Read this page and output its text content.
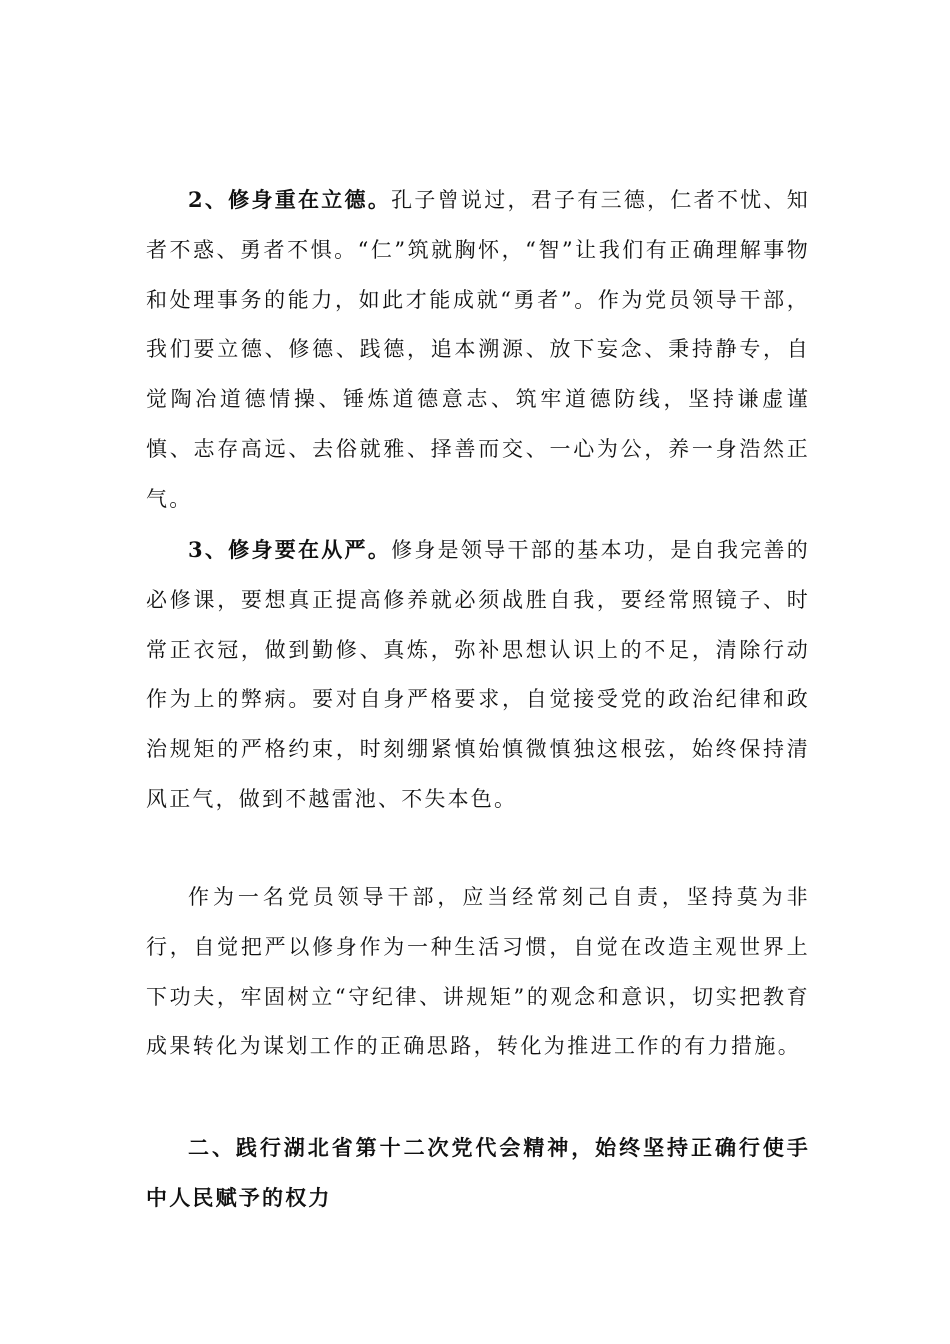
2、修身重在立德。孔子曾说过，君子有三德，仁者不忧、知者不惑、勇者不惧。“仁”筑就胸怀，“智”让我们有正确理解事物和处理事务的能力，如此才能成就“勇者”。作为党员领导干部，我们要立德、修德、践德，追本溯源、放下妄念、秉持静专，自觉陶冶道德情操、锤炼道德意志、筑牢道德防线，坚持谦虚谨慎、志存高远、去俗就雅、择善而交、一心为公，养一身浩然正气。

3、修身要在从严。修身是领导干部的基本功，是自我完善的必修课，要想真正提高修养就必须战胜自我，要经常照镜子、时常正衣冠，做到勤修、真炼，弥补思想认识上的不足，清除行动作为上的弊病。要对自身严格要求，自觉接受党的政治纪律和政治规矩的严格约束，时刻绷紧慎始慎微慎独这根弦，始终保持清风正气，做到不越雷池、不失本色。

作为一名党员领导干部，应当经常刻己自责，坚持莫为非行，自觉把严以修身作为一种生活习惯，自觉在改造主观世界上下功夫，牢固树立“守纪律、讲规矩”的观念和意识，切实把教育成果转化为谋划工作的正确思路，转化为推进工作的有力措施。

二、践行湖北省第十二次党代会精神，始终坚持正确行使手中人民赋予的权力
